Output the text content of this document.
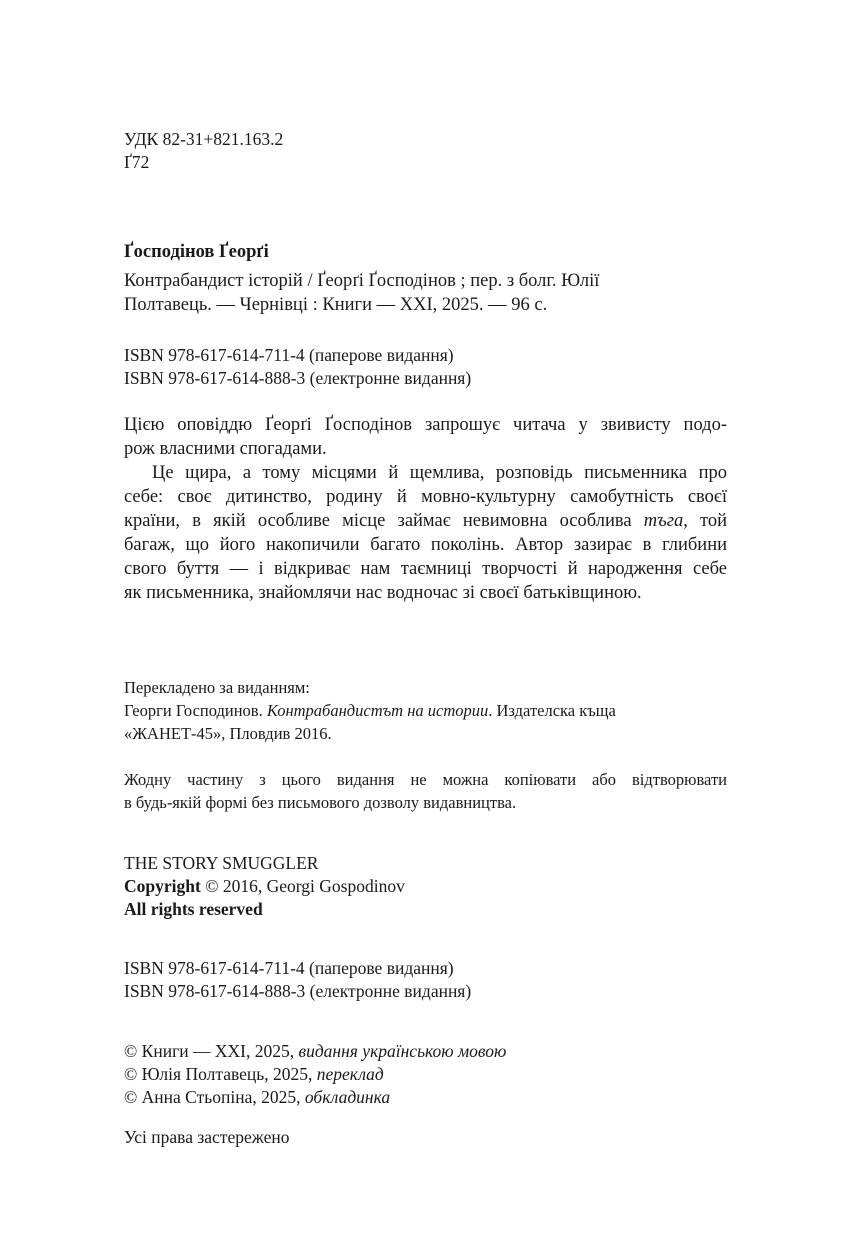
УДК 82-31+821.163.2
Ґ72
Ґосподінов Ґеорґі
Контрабандист історій / Ґеорґі Ґосподінов ; пер. з болг. Юлії
Полтавець. — Чернівці : Книги — XXI, 2025. — 96 с.
ISBN 978-617-614-711-4 (паперове видання)
ISBN 978-617-614-888-3 (електронне видання)
Цією оповіддю Ґеорґі Ґосподінов запрошує читача у звивисту подо-
рож власними спогадами.
Це щира, а тому місцями й щемлива, розповідь письменника про
себе: своє дитинство, родину й мовно-культурну самобутність своєї
країни, в якій особливе місце займає невимовна особлива тъга, той
багаж, що його накопичили багато поколінь. Автор зазирає в глибини
свого буття — і відкриває нам таємниці творчості й народження себе
як письменника, знайомлячи нас водночас зі своєї батьківщиною.
Перекладено за виданням:
Георги Господинов. Контрабандистът на истории. Издателска къща
«ЖАНЕТ-45», Пловдив 2016.
Жодну частину з цього видання не можна копіювати або відтворювати
в будь-якій формі без письмового дозволу видавництва.
THE STORY SMUGGLER
Copyright © 2016, Georgi Gospodinov
All rights reserved
ISBN 978-617-614-711-4 (паперове видання)
ISBN 978-617-614-888-3 (електронне видання)
© Книги — XXI, 2025, видання українською мовою
© Юлія Полтавець, 2025, переклад
© Анна Стьопіна, 2025, обкладинка
Усі права застережено
